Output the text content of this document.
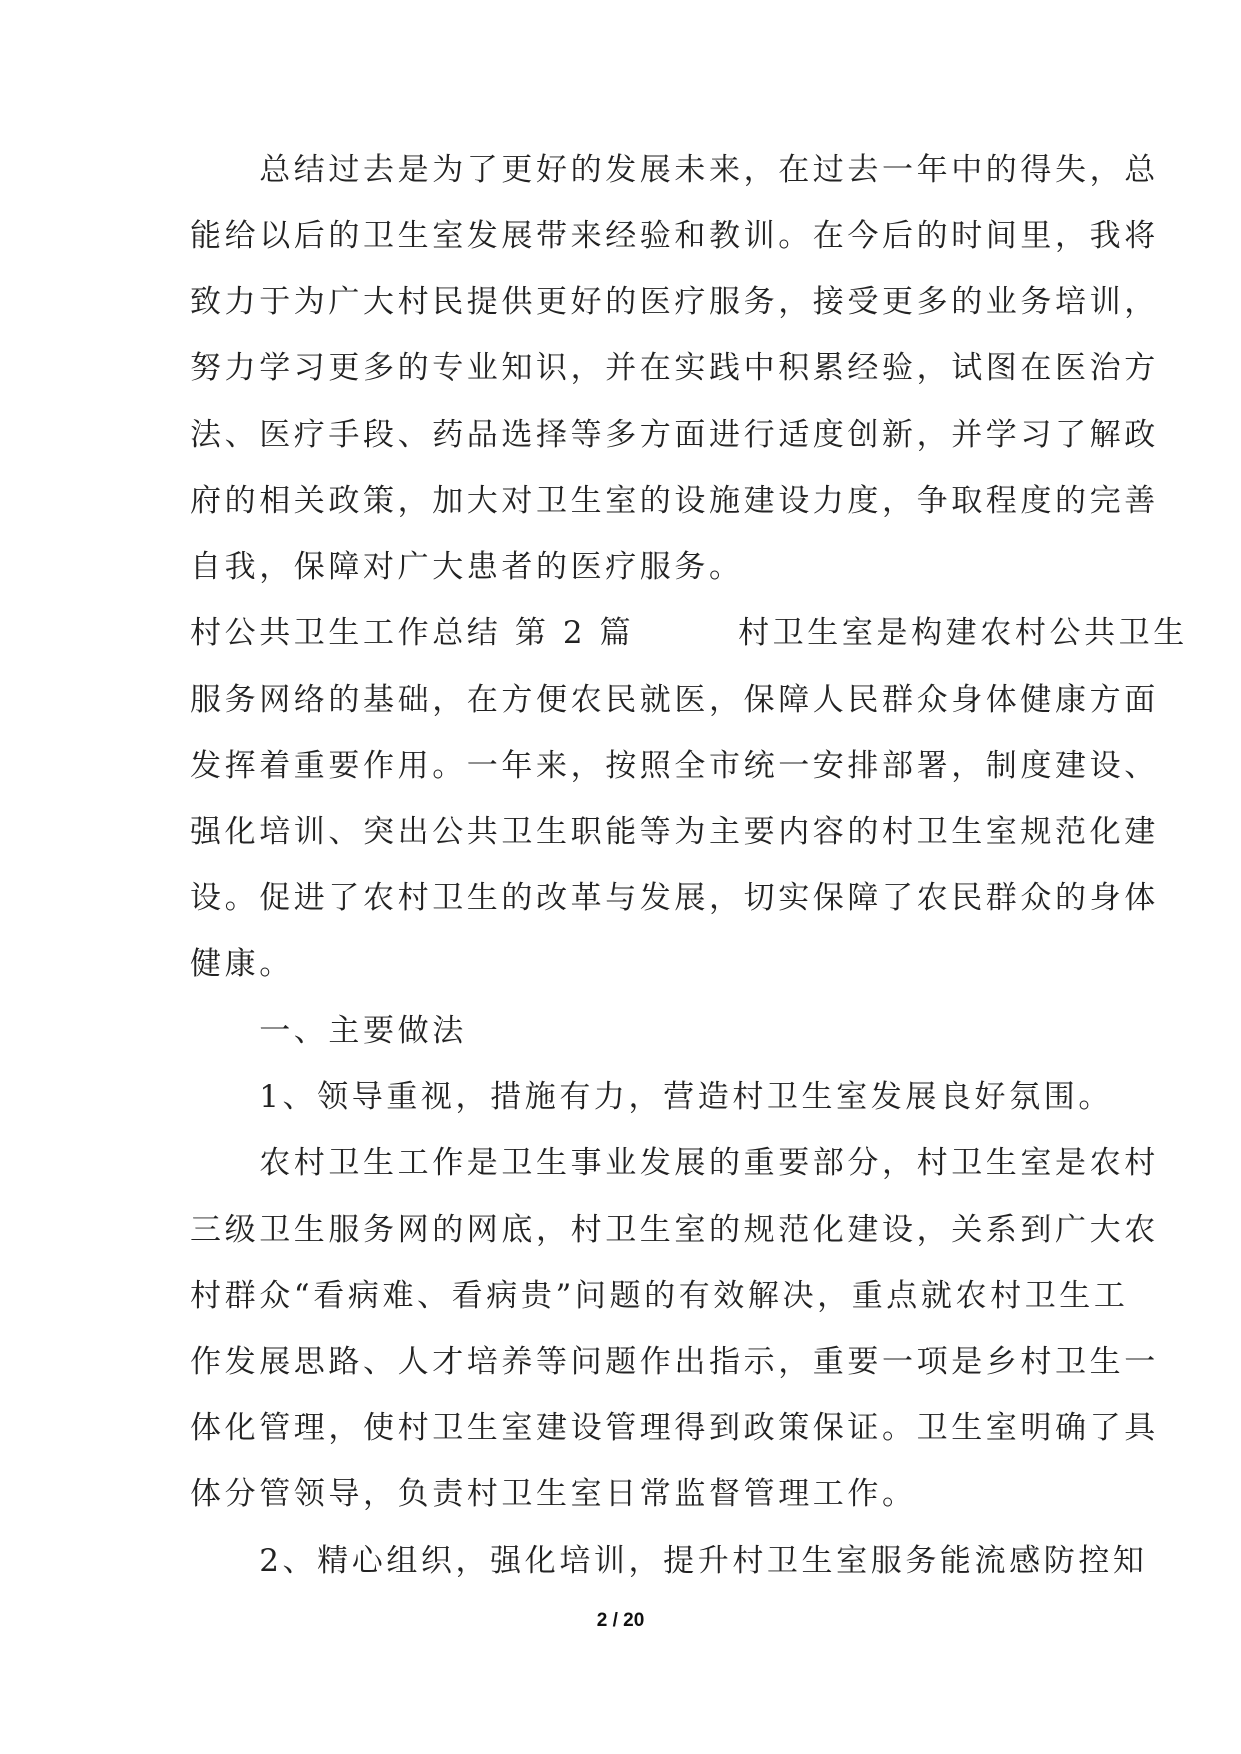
　　总结过去是为了更好的发展未来，在过去一年中的得失，总
能给以后的卫生室发展带来经验和教训。在今后的时间里，我将
致力于为广大村民提供更好的医疗服务，接受更多的业务培训，
努力学习更多的专业知识，并在实践中积累经验，试图在医治方
法、医疗手段、药品选择等多方面进行适度创新，并学习了解政
府的相关政策，加大对卫生室的设施建设力度，争取程度的完善
自我，保障对广大患者的医疗服务。
村公共卫生工作总结 第 2 篇　　　村卫生室是构建农村公共卫生
服务网络的基础，在方便农民就医，保障人民群众身体健康方面
发挥着重要作用。一年来，按照全市统一安排部署，制度建设、
强化培训、突出公共卫生职能等为主要内容的村卫生室规范化建
设。促进了农村卫生的改革与发展，切实保障了农民群众的身体
健康。
　　一、主要做法
　　1、领导重视，措施有力，营造村卫生室发展良好氛围。
　　农村卫生工作是卫生事业发展的重要部分，村卫生室是农村
三级卫生服务网的网底，村卫生室的规范化建设，关系到广大农
村群众“看病难、看病贵”问题的有效解决，重点就农村卫生工
作发展思路、人才培养等问题作出指示，重要一项是乡村卫生一
体化管理，使村卫生室建设管理得到政策保证。卫生室明确了具
体分管领导，负责村卫生室日常监督管理工作。
　　2、精心组织，强化培训，提升村卫生室服务能流感防控知
2 / 20
